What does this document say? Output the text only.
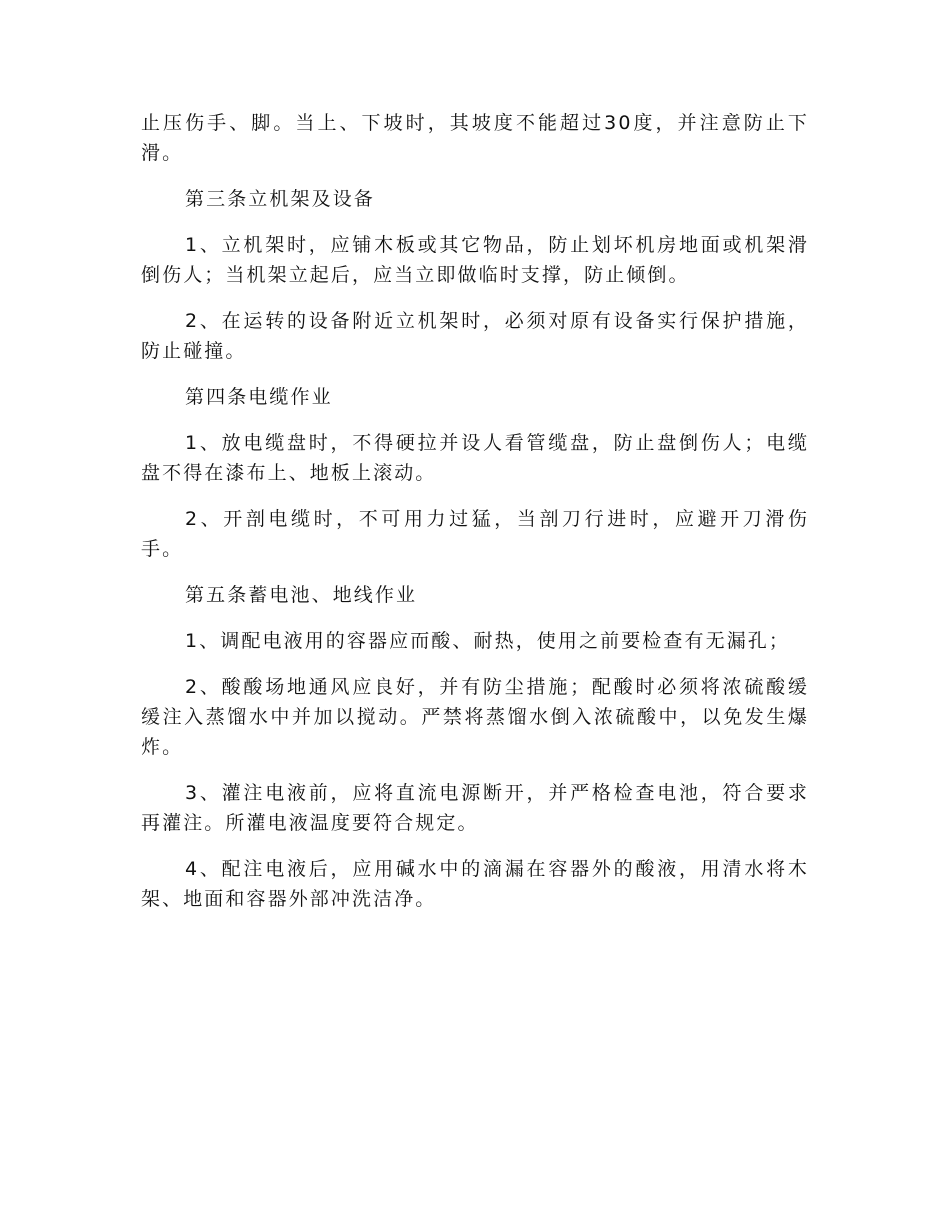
止压伤手、脚。当上、下坡时，其坡度不能超过30度，并注意防止下滑。

第三条立机架及设备

1、立机架时，应铺木板或其它物品，防止划坏机房地面或机架滑倒伤人；当机架立起后，应当立即做临时支撑，防止倾倒。

2、在运转的设备附近立机架时，必须对原有设备实行保护措施，防止碰撞。

第四条电缆作业

1、放电缆盘时，不得硬拉并设人看管缆盘，防止盘倒伤人；电缆盘不得在漆布上、地板上滚动。

2、开剖电缆时，不可用力过猛，当剖刀行进时，应避开刀滑伤手。

第五条蓄电池、地线作业

1、调配电液用的容器应而酸、耐热，使用之前要检查有无漏孔；

2、酸酸场地通风应良好，并有防尘措施；配酸时必须将浓硫酸缓缓注入蒸馏水中并加以搅动。严禁将蒸馏水倒入浓硫酸中，以免发生爆炸。

3、灌注电液前，应将直流电源断开，并严格检查电池，符合要求再灌注。所灌电液温度要符合规定。

4、配注电液后，应用碱水中的滴漏在容器外的酸液，用清水将木架、地面和容器外部冲洗洁净。
